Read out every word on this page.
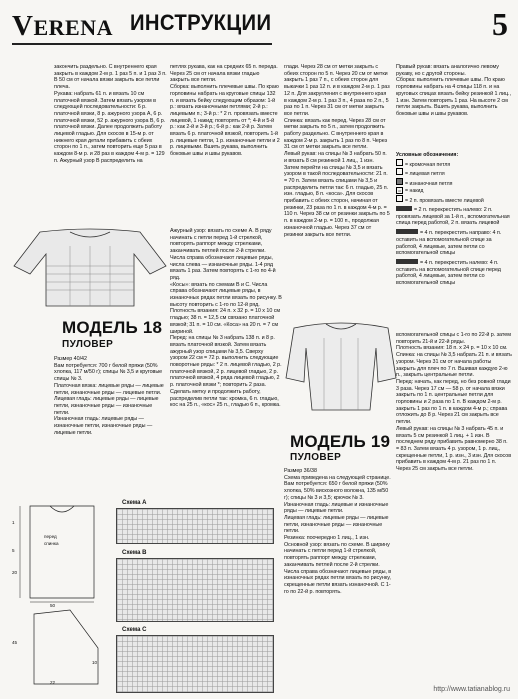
VERENA ИНСТРУКЦИИ	5

закончить раздельно. С внутреннего края закрыть в каждом 2-м р. 1 раз 5 п. и 1 раз 3 п. В 50 см от начала вязки закрыть все петли плеча.

Рукава: набрать 61 п. и вязать 10 см платочной вязкой. Затем вязать узором в следующей последовательности: 6 р. платочной вязки, 8 р. ажурного узора А, 6 р. платочной вязки, 52 р. ажурного узора В, 6 р. платочной вязки. Далее продолжить работу лицевой гладью. Для скосов в 15-м р. от нижнего края детали прибавить с обеих сторон по 1 п., затем повторить еще 5 раз в каждом 8-м р. и 28 раз в каждом 4-м р. = 129 п. Ажурный узор В распределить на

петлях рукава, как на средних 65 п. переда. Через 25 см от начала вязки гладью закрыть все петли.

Сборка: выполнить плечевые швы. По краю горловины набрать на круговые спицы 132 п. и вязать бейку следующим образом: 1-й р.: вязать изнаночными петлями; 2-й р.: лицевыми п.; 3-й р.: * 2 п. провязать вместе лицевой, 1 накид; повторять от *; 4-й и 5-й р.: как 2-й и 3-й р.; 6-й р.: как 2-й р. Затем вязать 6 р. платочной вязкой, повторить 1-й р. лицевые петли, 1 р. изнаночные петли и 2 р. лицевыми. Вшить рукава, выполнить боковые швы и швы рукавов.

МОДЕЛЬ 18
ПУЛОВЕР

Размер 40/42

Вам потребуется: 700 г белой пряжи (50% хлопка, 117 м/50 г); спицы № 3,5 и круговые спицы № 3.

Платочная вязка: лицевые ряды — лицевые петли, изнаночные ряды — лицевые петли.

Лицевая гладь: лицевые ряды — лицевые петли, изнаночные ряды — изнаночные петли.

Изнаночная гладь: лицевые ряды — изнаночные петли, изнаночные ряды — лицевые петли.

Ажурный узор: вязать по схеме А. В ряду начинать с петли перед 1-й стрелкой, повторять раппорт между стрелками, заканчивать петлей после 2-й стрелки. Числа справа обозначают лицевые ряды, числа слева — изнаночные ряды. 1-4 ряд вязать 1 раз. Затем повторять с 1-го по 4-й ряд.

«Косы»: вязать по схемам В и С. Числа справа обозначают лицевые ряды, в изнаночных рядах петли вязать по рисунку. В высоту повторить с 1-го по 12-й ряд.

Плотность вязания: 24 п. х 32 р. = 10 х 10 см гладью; 38 п. = 12,5 см связано платочной вязкой; 31 п. = 10 см. «Коса» на 20 п. = 7 см шириной.

Перед: на спицы № 3 набрать 138 п. и 8 р. вязать платочной вязкой. Затем вязать ажурный узор спицами № 3,5. Сверху узором 22 см = 72 р. выполнить следующие поворотные ряды: * 2 п. лицевой гладью, 2 р. платочной вязкой, 2 р. лицевой гладью, 2 р. платочной вязкой, 4 ряда лицевой гладью, 2 р. платочной вязки *; повторить 2 раза. Сделать метку и продолжить работу, распределив петли так: кромка, 6 п. гладью, кос на 25 п., «кос» 25 п., гладью 6 п., кромка.

глади. Через 28 см от метки закрыть с обеих сторон по 5 п. Через 20 см от метки закрыть 1 раз 7 п., с обеих сторон для выкачки 1 раз 12 п. и в каждом 2-м р. 1 раз 12 п. Для закругления с внутреннего края в каждом 2-м р. 1 раз 3 п., 4 раза по 2 п., 5 раз по 1 п. Через 31 см от метки закрыть все петли.

Спинка: вязать как перед. Через 28 см от метки закрыть по 5 п., затем продолжить работу раздельно. С внутреннего края в каждом 2-м р. закрыть 1 раз по 8 п. Через 31 см от метки закрыть все петли.

Левый рукав: на спицы № 3 набрать 50 п. и вязать 8 см резинкой 1 лиц., 1 изн. Затем перейти на спицы № 3,5 и вязать узором в такой последовательности: 21 п. = 70 п. Затем вязать спицами № 3,5 и распределить петли так: 6 п. гладью, 25 п. изн. гладью, 8 п. «коса». Для скосов прибавить с обеих сторон, начиная от резинки, 23 раза по 1 п. в каждом 4-м р. = 110 п. Через 38 см от резинки закрыть по 5 п. в каждом 2-м р. = 100 п., продолжая изнаночной гладью. Через 37 см от резинки закрыть все петли.

МОДЕЛЬ 19
ПУЛОВЕР

Размер 36/38

Схема приведена на следующей странице.

Вам потребуется: 650 г белой пряжи (50% хлопка, 50% вискозного волокна, 135 м/50 г); спицы № 3 и 3,5; крючок № 3.

Изнаночная гладь: лицевые и изнаночные ряды — лицевые петли.

Лицевая гладь: лицевые ряды — лицевые петли, изнаночные ряды — изнаночные петли.

Резинка: поочередно 1 лиц., 1 изн.

Основной узор: вязать по схеме. В ширину начинать с петли перед 1-й стрелкой, повторять раппорт между стрелками, заканчивать петлей после 2-й стрелки. Числа справа обозначают лицевые ряды, в изнаночных рядах петли вязать по рисунку, скрещенные петли вязать изнаночной. С 1-го по 22-й р. повторять.

Правый рукав: вязать аналогично левому рукаву, но с другой стороны.

Сборка: выполнить плечевые швы. По краю горловины набрать на 4 спицы 118 п. и на круговых спицах вязать бейку резинкой 1 лиц., 1 изн. Затем повторить 1 раз. На высоте 2 см петли закрыть. Вшить рукава, выполнить боковые швы и швы рукавов.

Условные обозначения:
= кромочная петля
= лицевая петля
= изнаночная петля
o = накид
= 2 п. провязать вместе лицевой
= 2 п. перекрестить налево: 2 п. провязать лицевой за 1-й п., вспомогательная спица перед работой, 2 п. вязать лицевой
= 4 п. перекрестить направо: 4 п. оставить на вспомогательной спице за работой, 4 лицевые, затем петли со вспомогательной спицы
= 4 п. перекрестить налево: 4 п. оставить на вспомогательной спице перед работой, 4 лицевые, затем петли со вспомогательной спицы

вспомогательной спицы с 1-го по 22-й р. затем повторить 21-й и 22-й ряды.

Плотность вязания: 18 п. х 24 р. = 10 х 10 см.

Спинка: на спицы № 3,5 набрать 21 п. и вязать узором. Через 31 см от начала работы закрыть для плеч по 7 п. Вшивая каждую 2-ю п., закрыть центральные петли.

Перед: начать, как перед, но без ровной глади 3 раза. Через 17 см — 58 р. от начала вязки закрыть по 1 п. центральные петли для горловины и 2 раза по 1 п. В каждом 2-м р. закрыть 1 раз по 1 п. в каждом 4-м р.; справа отложить до 8 р. Через 21 см закрыть все петли.

Левый рукав: на спицы № 3 набрать 45 п. и вязать 5 см резинкой 1 лиц. + 1 изн. В последнем ряду прибавить равномерно 38 п. = 83 п. Затем вязать 4 р. узором, 1 р. лиц., скрещенные петли, 1 р. изн., 3 изн. Для скосов прибавить в каждом 4-м р. 21 раз по 1 п. Через 25 см закрыть все петли.

перед
спинка
1
5
20
50
45
22
10
Схема А
Схема В
Схема С
http://www.tatianablog.ru
